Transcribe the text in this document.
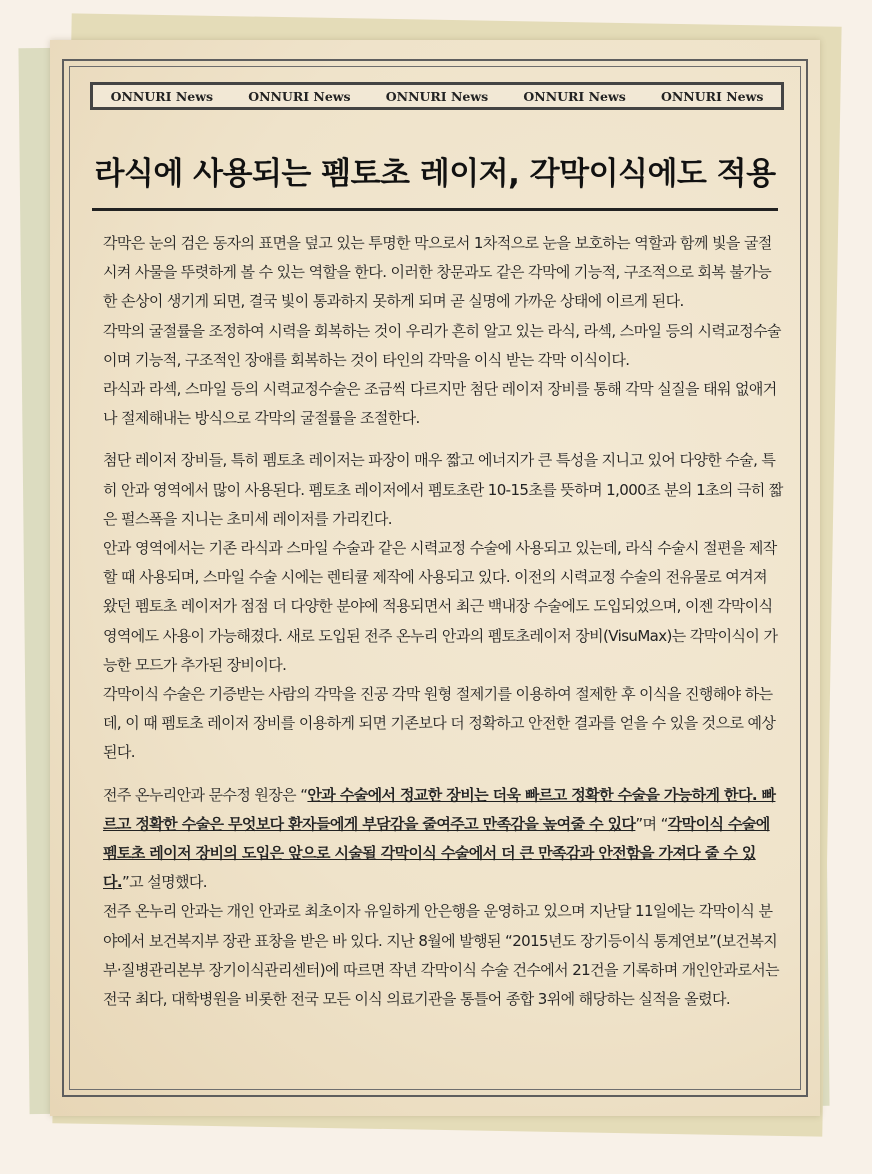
ONNURI News	ONNURI News	ONNURI News	ONNURI News	ONNURI News
라식에 사용되는 펨토초 레이저, 각막이식에도 적용

각막은 눈의 검은 동자의 표면을 덮고 있는 투명한 막으로서 1차적으로 눈을 보호하는 역할과 함께 빛을 굴절시켜 사물을 뚜렷하게 볼 수 있는 역할을 한다. 이러한 창문과도 같은 각막에 기능적, 구조적으로 회복 불가능한 손상이 생기게 되면, 결국 빛이 통과하지 못하게 되며 곧 실명에 가까운 상태에 이르게 된다.

각막의 굴절률을 조정하여 시력을 회복하는 것이 우리가 흔히 알고 있는 라식, 라섹, 스마일 등의 시력교정수술이며 기능적, 구조적인 장애를 회복하는 것이 타인의 각막을 이식 받는 각막 이식이다.

라식과 라섹, 스마일 등의 시력교정수술은 조금씩 다르지만 첨단 레이저 장비를 통해 각막 실질을 태워 없애거나 절제해내는 방식으로 각막의 굴절률을 조절한다.

첨단 레이저 장비들, 특히 펨토초 레이저는 파장이 매우 짧고 에너지가 큰 특성을 지니고 있어 다양한 수술, 특히 안과 영역에서 많이 사용된다. 펨토초 레이저에서 펨토초란 10-15초를 뜻하며 1,000조 분의 1초의 극히 짧은 펄스폭을 지니는 초미세 레이저를 가리킨다.

안과 영역에서는 기존 라식과 스마일 수술과 같은 시력교정 수술에 사용되고 있는데, 라식 수술시 절편을 제작할 때 사용되며, 스마일 수술 시에는 렌티큘 제작에 사용되고 있다. 이전의 시력교정 수술의 전유물로 여겨져 왔던 펨토초 레이저가 점점 더 다양한 분야에 적용되면서 최근 백내장 수술에도 도입되었으며, 이젠 각막이식 영역에도 사용이 가능해졌다. 새로 도입된 전주 온누리 안과의 펨토초레이저 장비(VisuMax)는 각막이식이 가능한 모드가 추가된 장비이다.

각막이식 수술은 기증받는 사람의 각막을 진공 각막 원형 절제기를 이용하여 절제한 후 이식을 진행해야 하는데, 이 때 펨토초 레이저 장비를 이용하게 되면 기존보다 더 정확하고 안전한 결과를 얻을 수 있을 것으로 예상된다.

전주 온누리안과 문수정 원장은 “안과 수술에서 정교한 장비는 더욱 빠르고 정확한 수술을 가능하게 한다. 빠르고 정확한 수술은 무엇보다 환자들에게 부담감을 줄여주고 만족감을 높여줄 수 있다”며 “각막이식 수술에 펨토초 레이저 장비의 도입은 앞으로 시술될 각막이식 수술에서 더 큰 만족감과 안전함을 가져다 줄 수 있다.”고 설명했다.

전주 온누리 안과는 개인 안과로 최초이자 유일하게 안은행을 운영하고 있으며 지난달 11일에는 각막이식 분야에서 보건복지부 장관 표창을 받은 바 있다. 지난 8월에 발행된 “2015년도 장기등이식 통계연보”(보건복지부·질병관리본부 장기이식관리센터)에 따르면 작년 각막이식 수술 건수에서 21건을 기록하며 개인안과로서는 전국 최다, 대학병원을 비롯한 전국 모든 이식 의료기관을 통틀어 종합 3위에 해당하는 실적을 올렸다.
